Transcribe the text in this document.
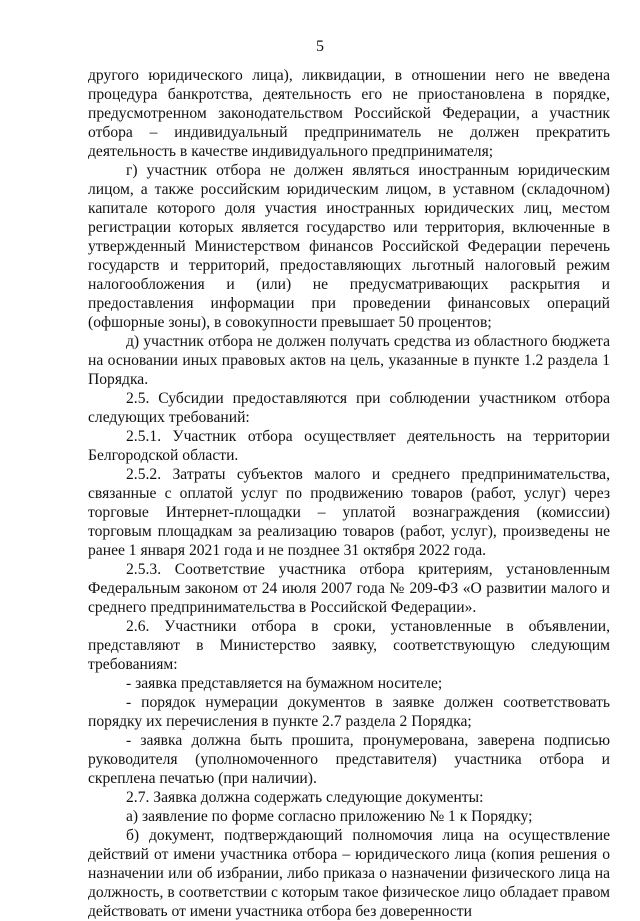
5

другого юридического лица), ликвидации, в отношении него не введена процедура банкротства, деятельность его не приостановлена в порядке, предусмотренном законодательством Российской Федерации, а участник отбора – индивидуальный предприниматель не должен прекратить деятельность в качестве индивидуального предпринимателя;

г) участник отбора не должен являться иностранным юридическим лицом, а также российским юридическим лицом, в уставном (складочном) капитале которого доля участия иностранных юридических лиц, местом регистрации которых является государство или территория, включенные в утвержденный Министерством финансов Российской Федерации перечень государств и территорий, предоставляющих льготный налоговый режим налогообложения и (или) не предусматривающих раскрытия и предоставления информации при проведении финансовых операций (офшорные зоны), в совокупности превышает 50 процентов;

д) участник отбора не должен получать средства из областного бюджета на основании иных правовых актов на цель, указанные в пункте 1.2 раздела 1 Порядка.

2.5. Субсидии предоставляются при соблюдении участником отбора следующих требований:

2.5.1. Участник отбора осуществляет деятельность на территории Белгородской области.

2.5.2. Затраты субъектов малого и среднего предпринимательства, связанные с оплатой услуг по продвижению товаров (работ, услуг) через торговые Интернет-площадки – уплатой вознаграждения (комиссии) торговым площадкам за реализацию товаров (работ, услуг), произведены не ранее 1 января 2021 года и не позднее 31 октября 2022 года.

2.5.3. Соответствие участника отбора критериям, установленным Федеральным законом от 24 июля 2007 года № 209-ФЗ «О развитии малого и среднего предпринимательства в Российской Федерации».

2.6. Участники отбора в сроки, установленные в объявлении, представляют в Министерство заявку, соответствующую следующим требованиям:

- заявка представляется на бумажном носителе;

- порядок нумерации документов в заявке должен соответствовать порядку их перечисления в пункте 2.7 раздела 2 Порядка;

- заявка должна быть прошита, пронумерована, заверена подписью руководителя (уполномоченного представителя) участника отбора и скреплена печатью (при наличии).

2.7. Заявка должна содержать следующие документы:

а) заявление по форме согласно приложению № 1 к Порядку;

б) документ, подтверждающий полномочия лица на осуществление действий от имени участника отбора – юридического лица (копия решения о назначении или об избрании, либо приказа о назначении физического лица на должность, в соответствии с которым такое физическое лицо обладает правом действовать от имени участника отбора без доверенности
